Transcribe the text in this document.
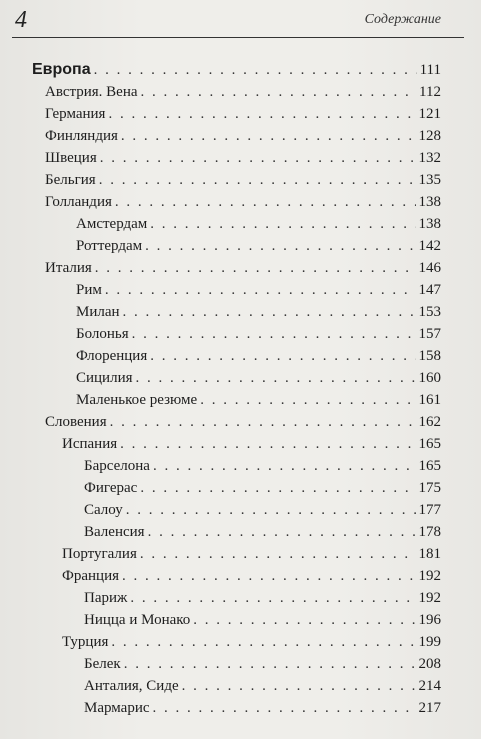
4	Содержание
Европа . . .	111
Австрия. Вена . . .	112
Германия . . .	121
Финляндия . . .	128
Швеция . . .	132
Бельгия . . .	135
Голландия . . .	138
Амстердам . . .	138
Роттердам . . .	142
Италия . . .	146
Рим . . .	147
Милан . . .	153
Болонья . . .	157
Флоренция . . .	158
Сицилия . . .	160
Маленькое резюме . . .	161
Словения . . .	162
Испания . . .	165
Барселона . . .	165
Фигерас . . .	175
Салоу . . .	177
Валенсия . . .	178
Португалия . . .	181
Франция . . .	192
Париж . . .	192
Ницца и Монако . . .	196
Турция . . .	199
Белек . . .	208
Анталия, Сиде . . .	214
Мармарис . . .	217
